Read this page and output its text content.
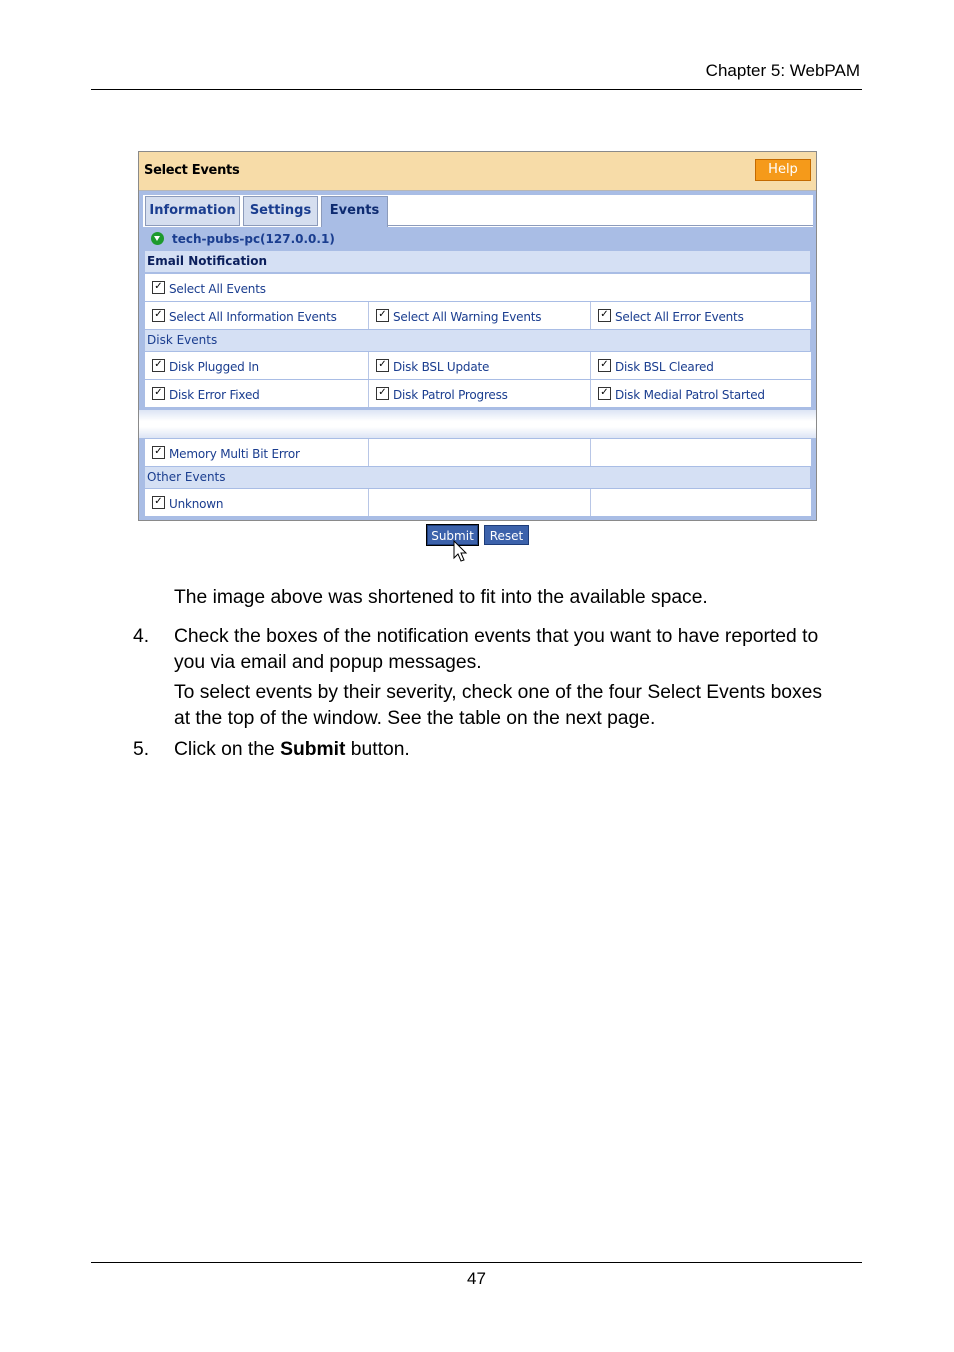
Chapter 5: WebPAM
Select Events	Help
Information	Settings	Events
tech-pubs-pc(127.0.0.1)
Email Notification
✓ Select All Events
✓ Select All Information Events	✓ Select All Warning Events	✓ Select All Error Events
Disk Events
✓ Disk Plugged In	✓ Disk BSL Update	✓ Disk BSL Cleared
✓ Disk Error Fixed	✓ Disk Patrol Progress	✓ Disk Medial Patrol Started
✓ Memory Multi Bit Error
Other Events
✓ Unknown
Submit	Reset
The image above was shortened to fit into the available space.
4. Check the boxes of the notification events that you want to have reported to
you via email and popup messages.
To select events by their severity, check one of the four Select Events boxes
at the top of the window. See the table on the next page.
5. Click on the Submit button.
47
